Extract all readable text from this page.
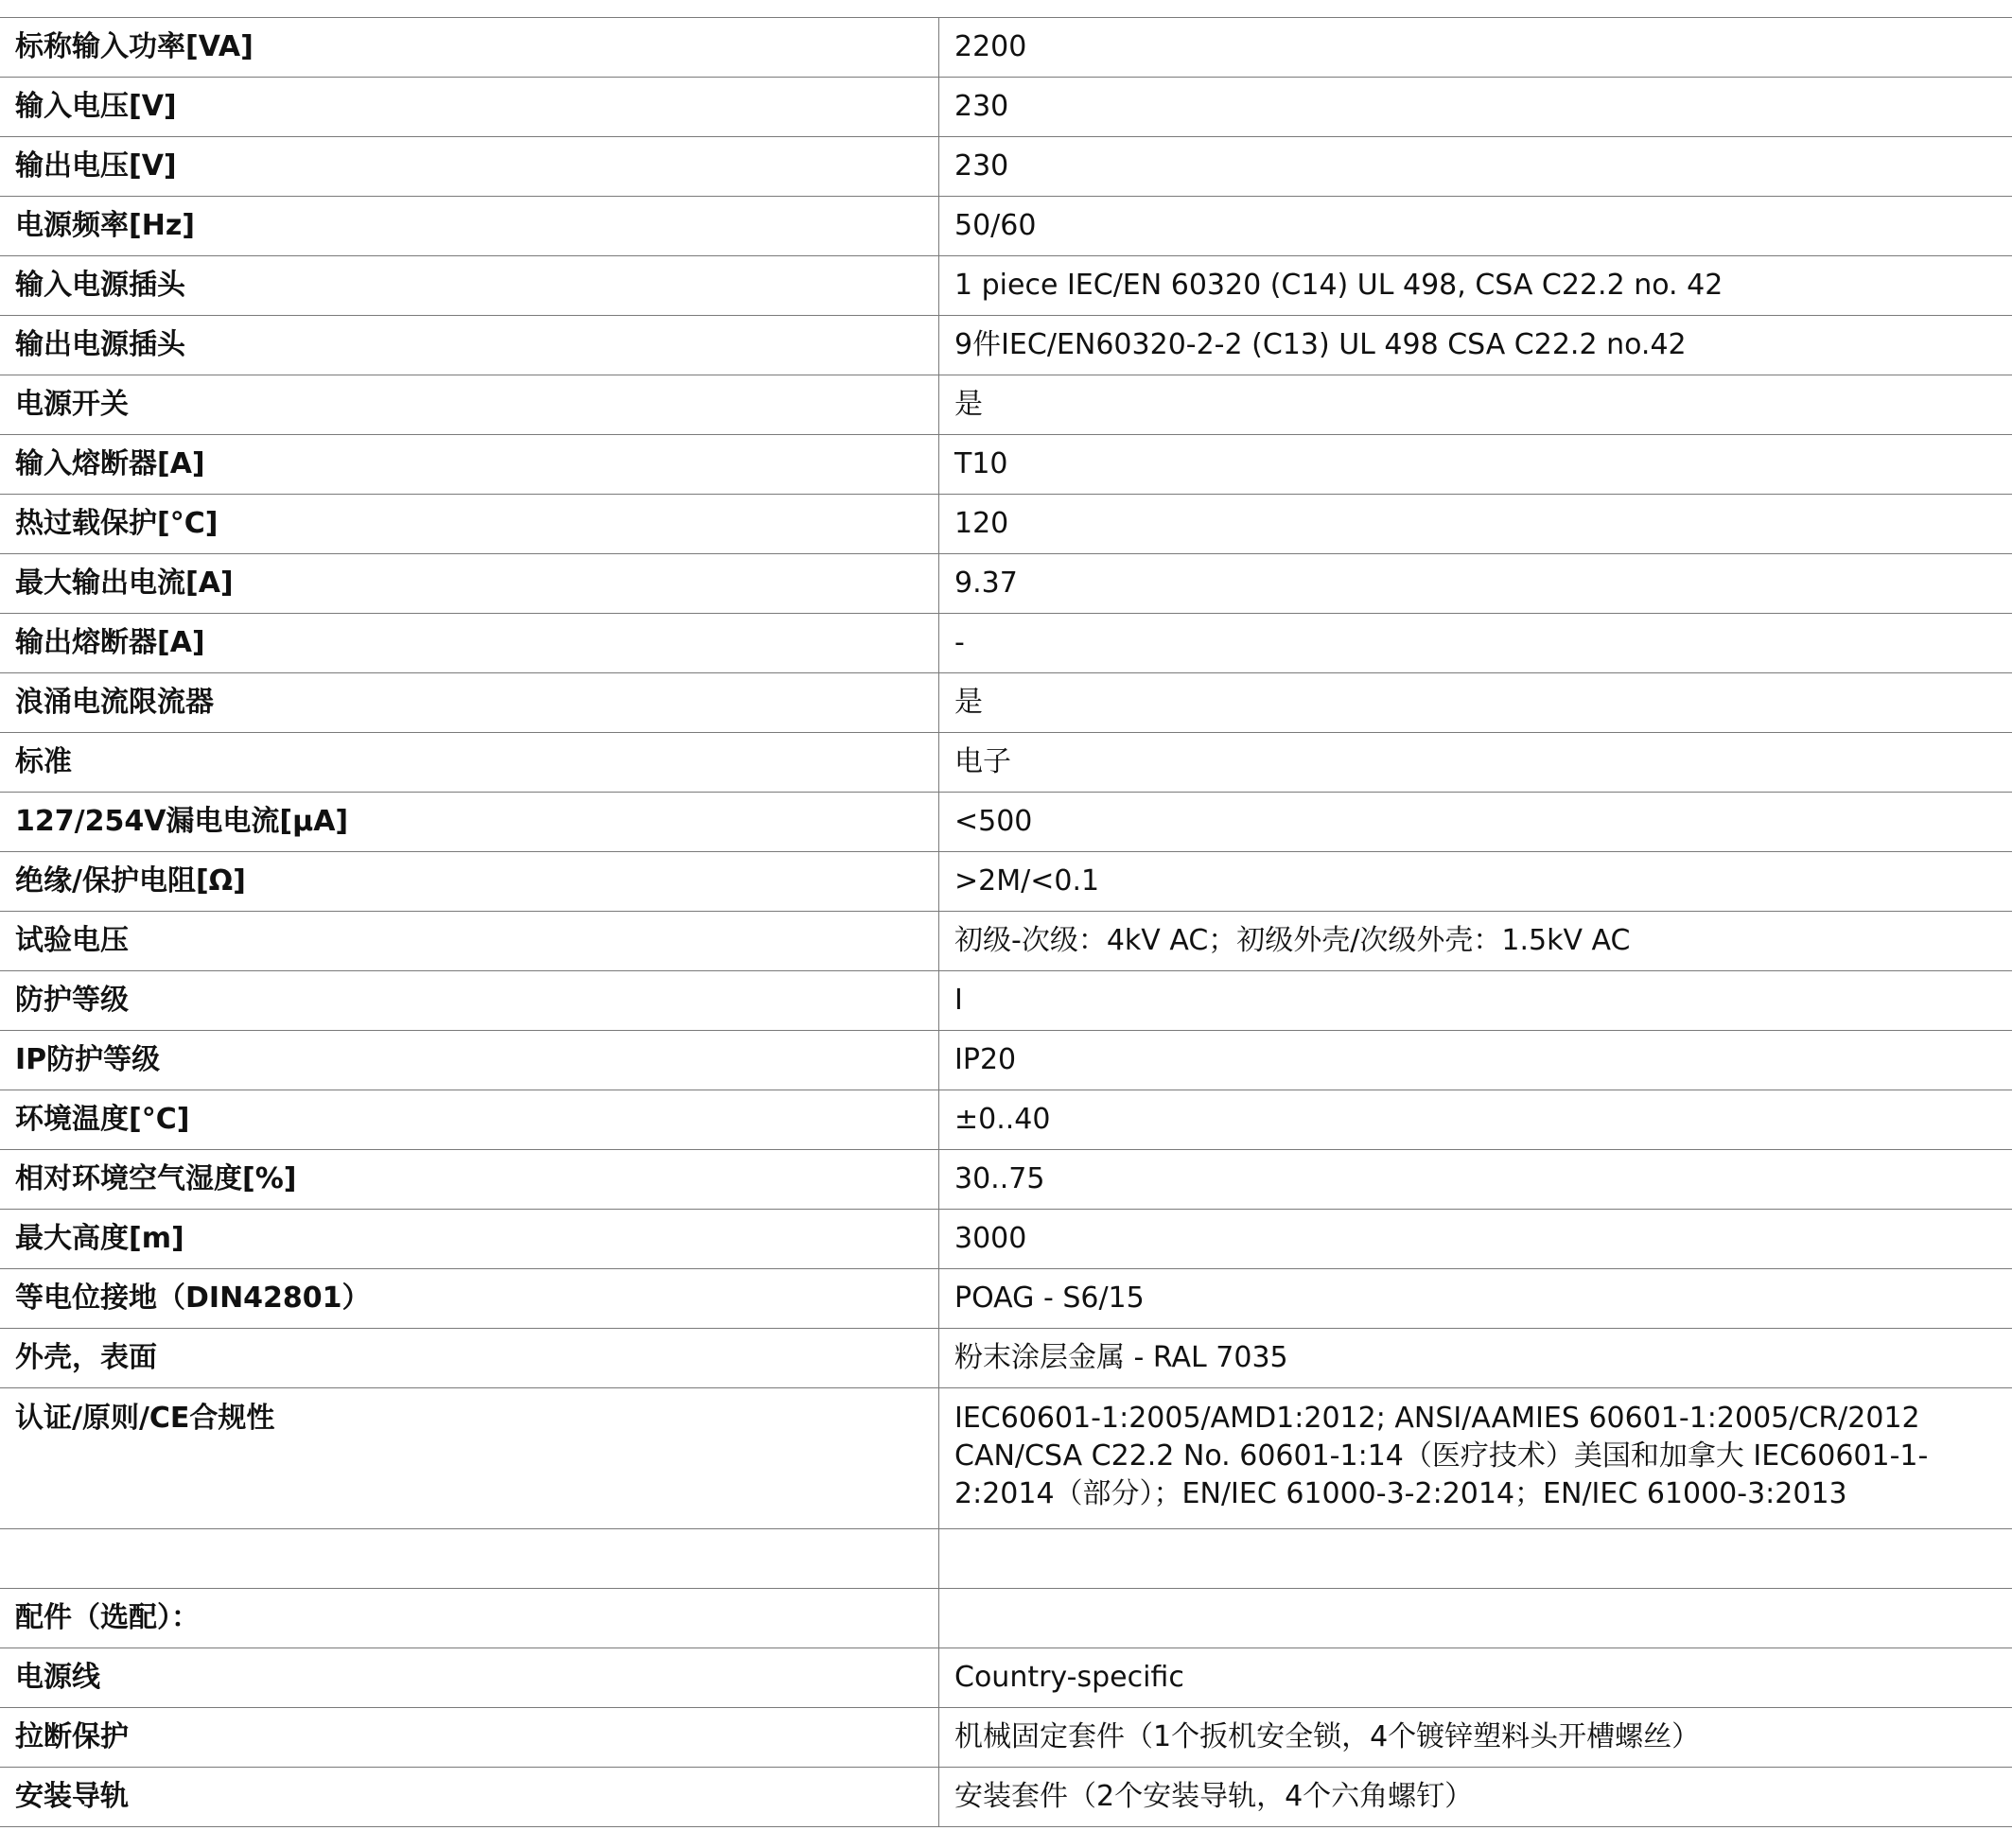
标称输入功率[VA]	2200
输入电压[V]	230
输出电压[V]	230
电源频率[Hz]	50/60
输入电源插头	1 piece IEC/EN 60320 (C14) UL 498, CSA C22.2 no. 42
输出电源插头	9件IEC/EN60320-2-2 (C13) UL 498 CSA C22.2 no.42
电源开关	是
输入熔断器[A]	T10
热过载保护[°C]	120
最大输出电流[A]	9.37
输出熔断器[A]	-
浪涌电流限流器	是
标准	电子
127/254V漏电电流[µA]	<500
绝缘/保护电阻[Ω]	>2M/<0.1
试验电压	初级-次级：4kV AC；初级外壳/次级外壳：1.5kV AC
防护等级	I
IP防护等级	IP20
环境温度[°C]	±0..40
相对环境空气湿度[%]	30..75
最大高度[m]	3000
等电位接地（DIN42801）	POAG - S6/15
外壳，表面	粉末涂层金属 - RAL 7035
认证/原则/CE合规性	IEC60601-1:2005/AMD1:2012; ANSI/AAMIES 60601-1:2005/CR/2012 CAN/CSA C22.2 No. 60601-1:14（医疗技术）美国和加拿大 IEC60601-1-2:2014（部分）；EN/IEC 61000-3-2:2014；EN/IEC 61000-3:2013

配件（选配）：	
电源线	Country-specific
拉断保护	机械固定套件（1个扳机安全锁，4个镀锌塑料头开槽螺丝）
安装导轨	安装套件（2个安装导轨，4个六角螺钉）
